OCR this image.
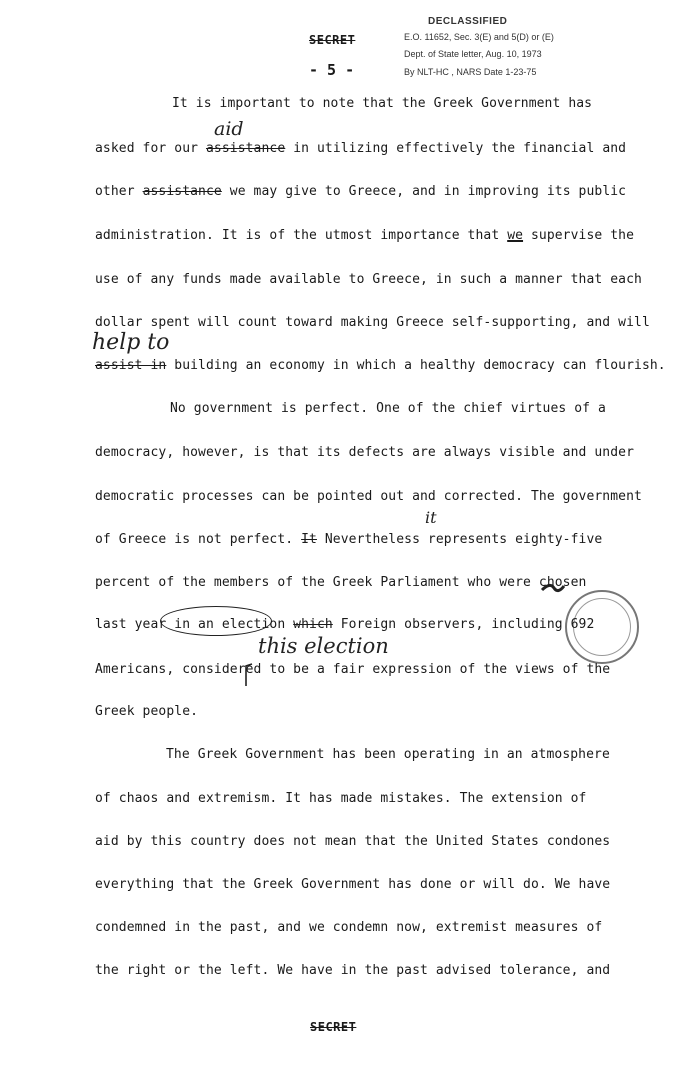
SECRET
- 5 -
DECLASSIFIED
E.O. 11652, Sec. 3(E) and 5(D) or (E)
Dept. of State letter, Aug. 10, 1973
By NLT-HC , NARS Date 1-23-75
aid
help to
it
this election
It is important to note that the Greek Government has
asked for our assistance in utilizing effectively the financial and
other assistance we may give to Greece, and in improving its public
administration. It is of the utmost importance that we supervise the
use of any funds made available to Greece, in such a manner that each
dollar spent will count toward making Greece self-supporting, and will
assist in building an economy in which a healthy democracy can flourish.
No government is perfect. One of the chief virtues of a
democracy, however, is that its defects are always visible and under
democratic processes can be pointed out and corrected. The government
of Greece is not perfect. It Nevertheless represents eighty-five
percent of the members of the Greek Parliament who were chosen
last year in an election which Foreign observers, including 692
Americans, considered to be a fair expression of the views of the
Greek people.
The Greek Government has been operating in an atmosphere
of chaos and extremism. It has made mistakes. The extension of
aid by this country does not mean that the United States condones
everything that the Greek Government has done or will do. We have
condemned in the past, and we condemn now, extremist measures of
the right or the left. We have in the past advised tolerance, and
SECRET
